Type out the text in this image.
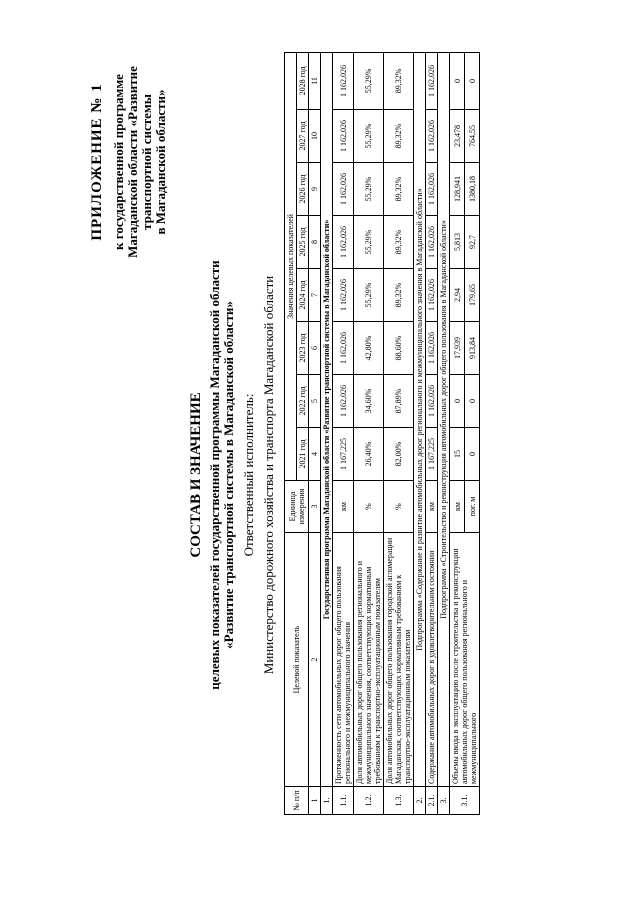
ПРИЛОЖЕНИЕ № 1 к государственной программе Магаданской области «Развитие транспортной системы в Магаданской области»
СОСТАВ И ЗНАЧЕНИЕ целевых показателей государственной программы Магаданской области «Развитие транспортной системы в Магаданской области» Ответственный исполнитель: Министерство дорожного хозяйства и транспорта Магаданской области
№ п/п	Целевой показатель	Единица измерения	Значения целевых показателей							
			2021 год	2022 год	2023 год	2024 год	2025 год	2026 год	2027 год	2028 год
1	2	3	4	5	6	7	8	9	10	11
1.	Государственная программа Магаданской области «Развитие транспортной системы в Магаданской области»									
1.1.	Протяженность сети автомобильных дорог общего пользования регионального и межмуниципального значения	км	1 167,225	1 162,026	1 162,026	1 162,026	1 162,026	1 162,026	1 162,026	1 162,026
1.2.	Доля автомобильных дорог общего пользования регионального и межмуниципального значения, соответствующих нормативным требованиям к транспортно-эксплуатационным показателям	%	26,40%	34,60%	42,80%	55,29%	55,29%	55,29%	55,29%	55,29%
1.3.	Доля автомобильных дорог общего пользования городской агломерации Магаданская, соответствующих нормативным требованиям к транспортно-эксплуатационным показателям	%	82,00%	87,89%	88,60%	89,32%	89,32%	89,32%	89,32%	89,32%
2.	Подпрограмма «Содержание и развитие автомобильных дорог регионального и межмуниципального значения в Магаданской области»									
2.1.	Содержание автомобильных дорог в удовлетворительном состоянии	км	1 167,225	1 162,026	1 162,026	1 162,026	1 162,026	1 162,026	1 162,026	1 162,026
3.	Подпрограмма «Строительство и реконструкция автомобильных дорог общего пользования в Магаданской области»									
3.1.	Объемы ввода в эксплуатацию после строительства и реконструкции автомобильных дорог общего пользования регионального и межмуниципального	км	15	0	17,939	2,94	5,813	128,941	23,478	0
		пог. м	0	0	913,84	179,65	92,7	1380,18	764,55	0
